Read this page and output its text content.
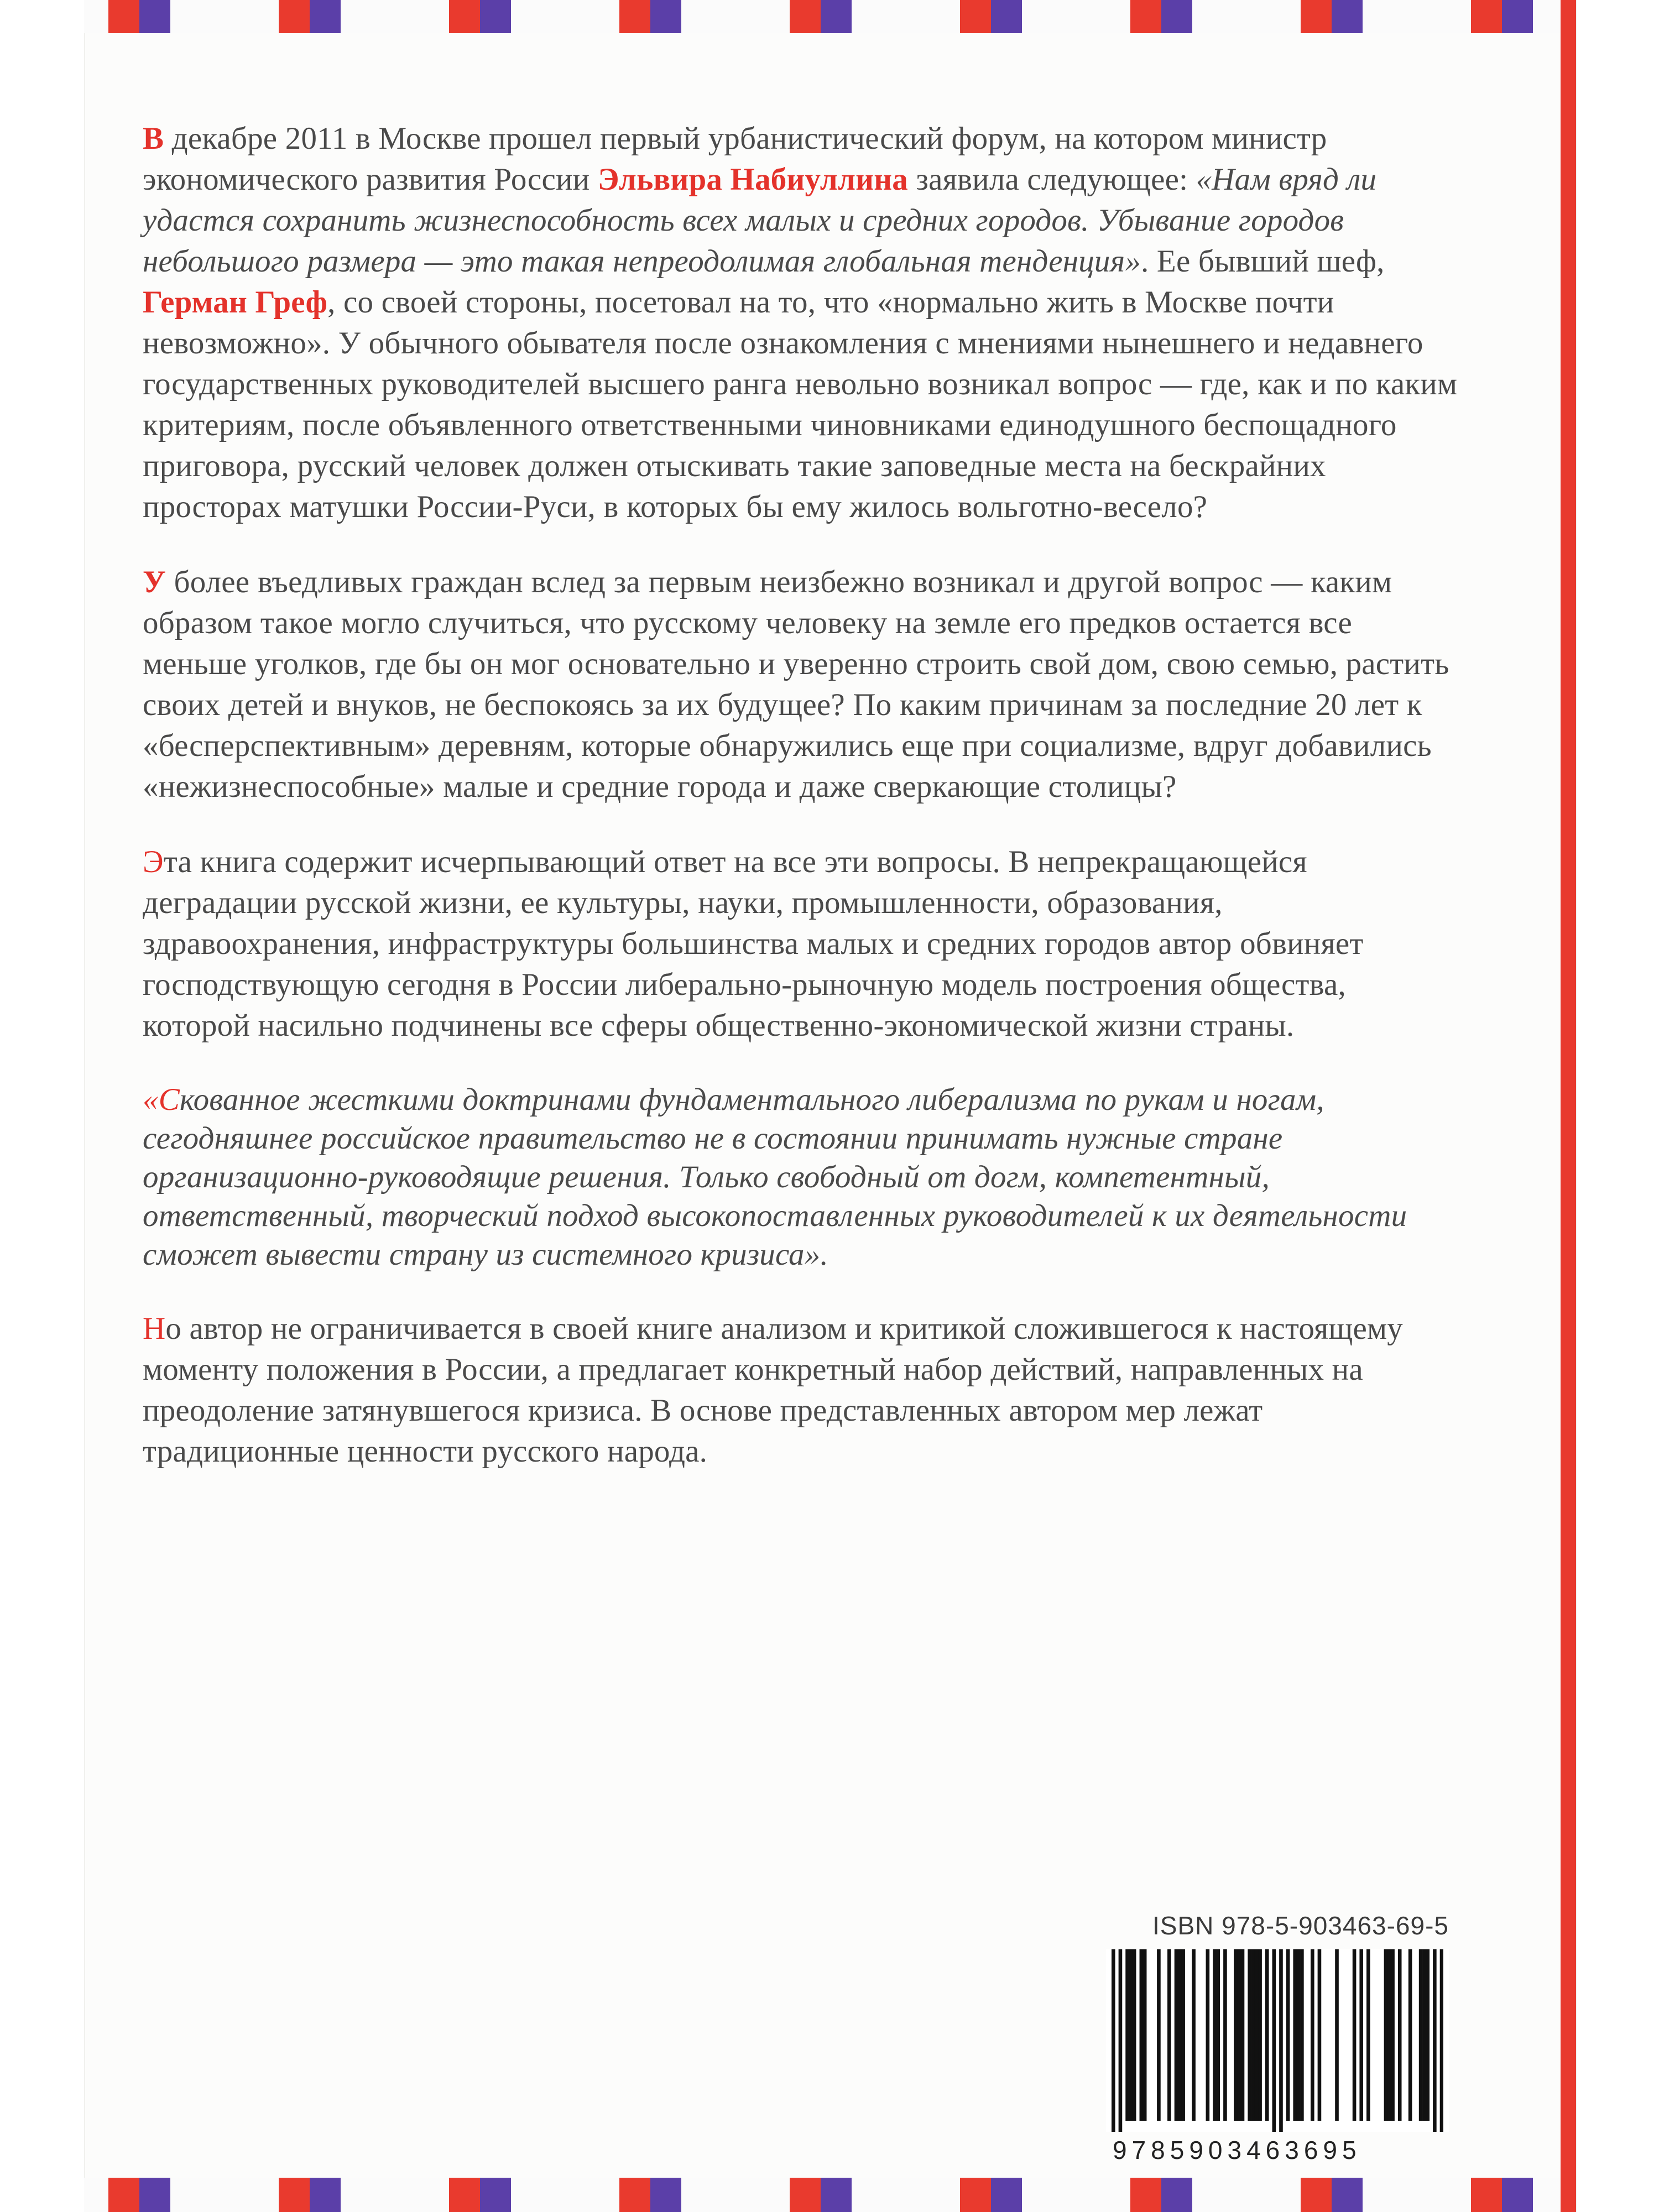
В декабре 2011 в Москве прошел первый урбанистический форум, на котором министр экономического развития России Эльвира Набиуллина заявила следующее: «Нам вряд ли удастся сохранить жизнеспособность всех малых и средних городов. Убывание городов небольшого размера — это такая непреодолимая глобальная тенденция». Ее бывший шеф, Герман Греф, со своей стороны, посетовал на то, что «нормально жить в Москве почти невозможно». У обычного обывателя после ознакомления с мнениями нынешнего и недавнего государственных руководителей высшего ранга невольно возникал вопрос — где, как и по каким критериям, после объявленного ответственными чиновниками единодушного беспощадного приговора, русский человек должен отыскивать такие заповедные места на бескрайних просторах матушки России-Руси, в которых бы ему жилось вольготно-весело?

У более въедливых граждан вслед за первым неизбежно возникал и другой вопрос — каким образом такое могло случиться, что русскому человеку на земле его предков остается все меньше уголков, где бы он мог основательно и уверенно строить свой дом, свою семью, растить своих детей и внуков, не беспокоясь за их будущее? По каким причинам за последние 20 лет к «бесперспективным» деревням, которые обнаружились еще при социализме, вдруг добавились «нежизнеспособные» малые и средние города и даже сверкающие столицы?

Эта книга содержит исчерпывающий ответ на все эти вопросы. В непрекращающейся деградации русской жизни, ее культуры, науки, промышленности, образования, здравоохранения, инфраструктуры большинства малых и средних городов автор обвиняет господствующую сегодня в России либерально-рыночную модель построения общества, которой насильно подчинены все сферы общественно-экономической жизни страны.

«Скованное жесткими доктринами фундаментального либерализма по рукам и ногам, сегодняшнее российское правительство не в состоянии принимать нужные стране организационно-руководящие решения. Только свободный от догм, компетентный, ответственный, творческий подход высокопоставленных руководителей к их деятельности сможет вывести страну из системного кризиса».

Но автор не ограничивается в своей книге анализом и критикой сложившегося к настоящему моменту положения в России, а предлагает конкретный набор действий, направленных на преодоление затянувшегося кризиса. В основе представленных автором мер лежат традиционные ценности русского народа.

ISBN 978-5-903463-69-5
9785903463695
